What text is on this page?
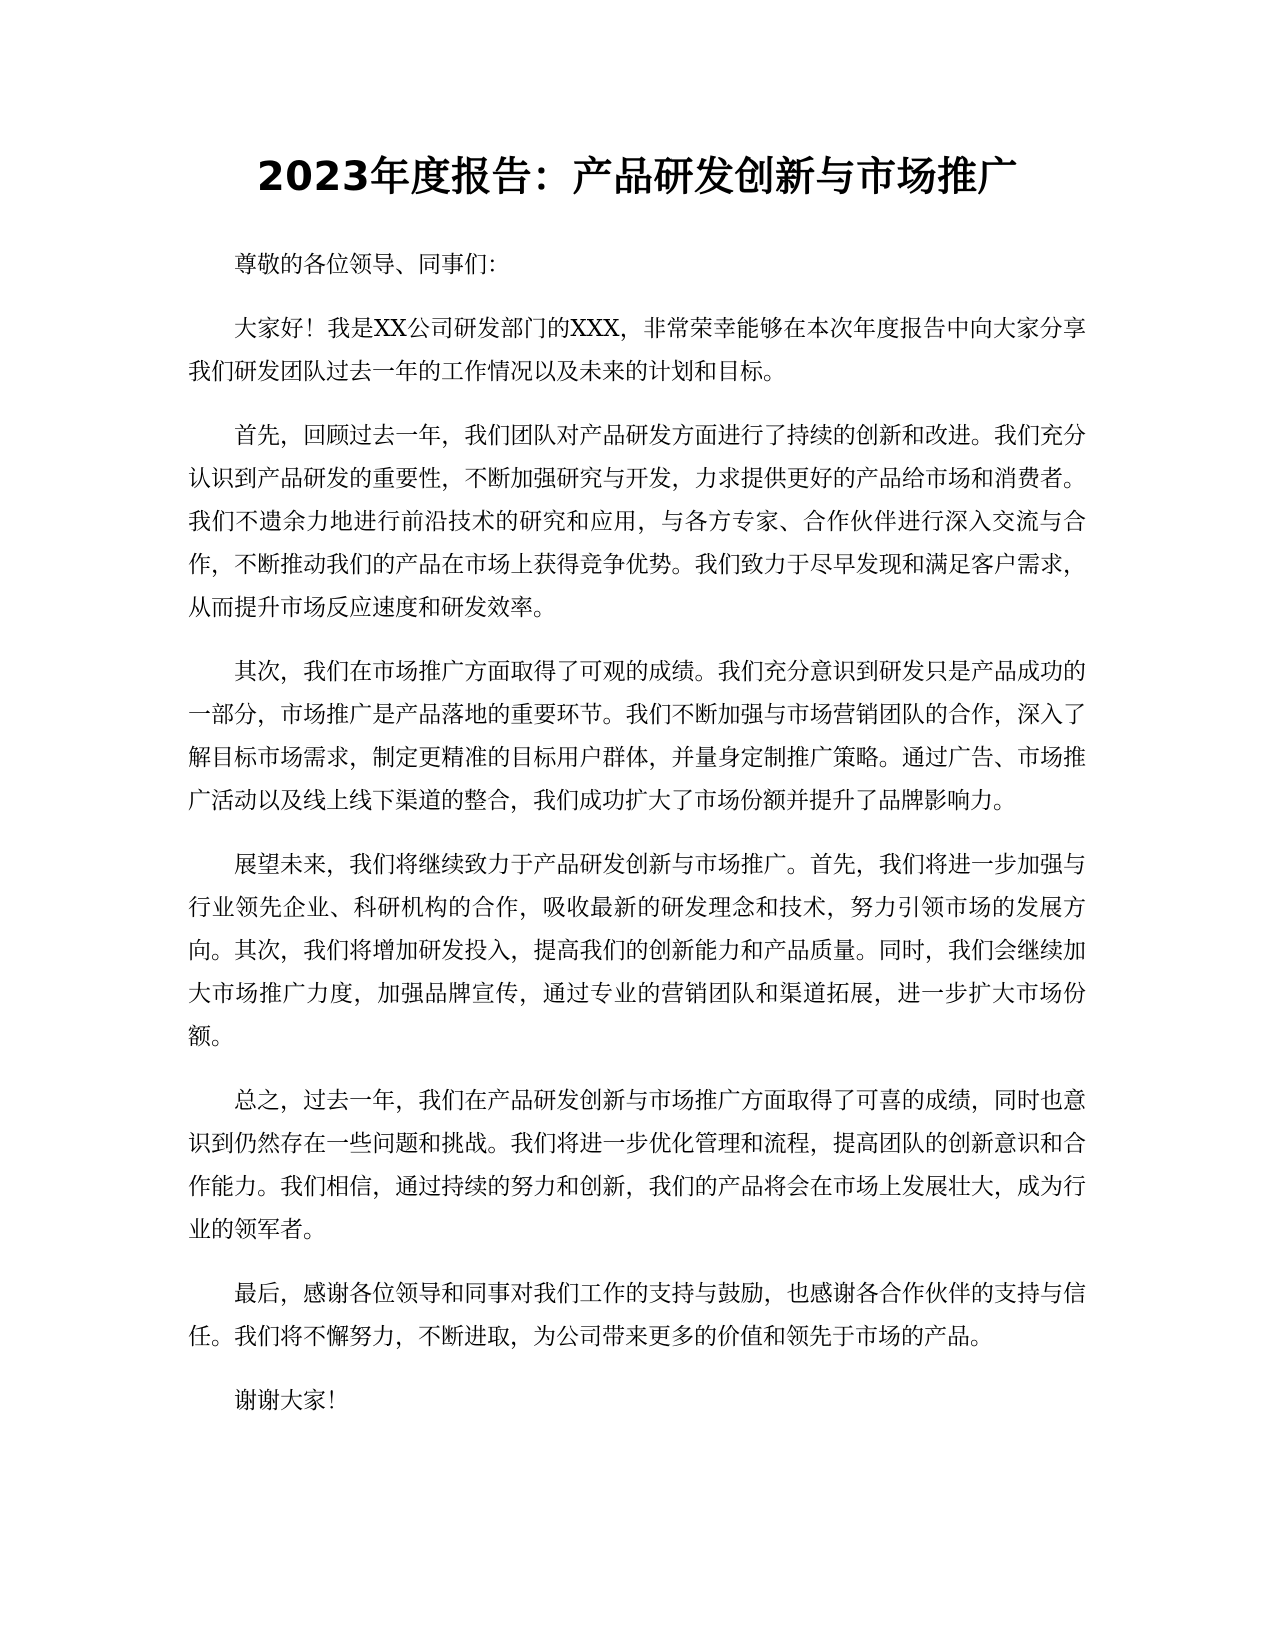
2023年度报告：产品研发创新与市场推广

尊敬的各位领导、同事们：

大家好！我是XX公司研发部门的XXX，非常荣幸能够在本次年度报告中向大家分享我们研发团队过去一年的工作情况以及未来的计划和目标。

首先，回顾过去一年，我们团队对产品研发方面进行了持续的创新和改进。我们充分认识到产品研发的重要性，不断加强研究与开发，力求提供更好的产品给市场和消费者。我们不遗余力地进行前沿技术的研究和应用，与各方专家、合作伙伴进行深入交流与合作，不断推动我们的产品在市场上获得竞争优势。我们致力于尽早发现和满足客户需求，从而提升市场反应速度和研发效率。

其次，我们在市场推广方面取得了可观的成绩。我们充分意识到研发只是产品成功的一部分，市场推广是产品落地的重要环节。我们不断加强与市场营销团队的合作，深入了解目标市场需求，制定更精准的目标用户群体，并量身定制推广策略。通过广告、市场推广活动以及线上线下渠道的整合，我们成功扩大了市场份额并提升了品牌影响力。

展望未来，我们将继续致力于产品研发创新与市场推广。首先，我们将进一步加强与行业领先企业、科研机构的合作，吸收最新的研发理念和技术，努力引领市场的发展方向。其次，我们将增加研发投入，提高我们的创新能力和产品质量。同时，我们会继续加大市场推广力度，加强品牌宣传，通过专业的营销团队和渠道拓展，进一步扩大市场份额。

总之，过去一年，我们在产品研发创新与市场推广方面取得了可喜的成绩，同时也意识到仍然存在一些问题和挑战。我们将进一步优化管理和流程，提高团队的创新意识和合作能力。我们相信，通过持续的努力和创新，我们的产品将会在市场上发展壮大，成为行业的领军者。

最后，感谢各位领导和同事对我们工作的支持与鼓励，也感谢各合作伙伴的支持与信任。我们将不懈努力，不断进取，为公司带来更多的价值和领先于市场的产品。

谢谢大家！
